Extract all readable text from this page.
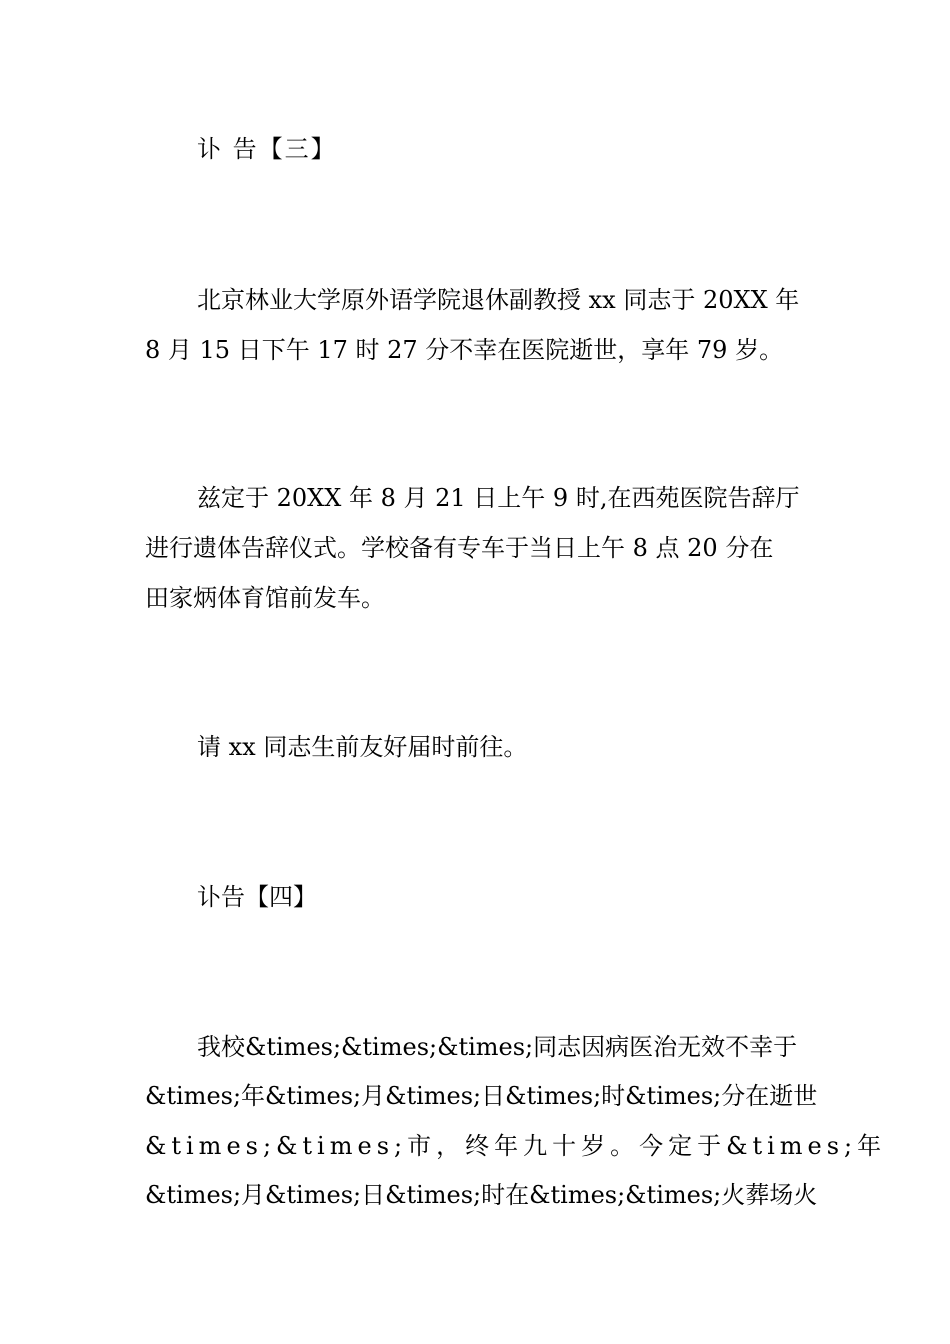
讣 告【三】
北京林业大学原外语学院退休副教授 xx 同志于 20XX 年
8 月 15 日下午 17 时 27 分不幸在医院逝世，享年 79 岁。
兹定于 20XX 年 8 月 21 日上午 9 时,在西苑医院告辞厅
进行遗体告辞仪式。学校备有专车于当日上午 8 点 20 分在
田家炳体育馆前发车。
请 xx 同志生前友好届时前往。
讣告【四】
我校&times;&times;&times;同志因病医治无效不幸于
&times;年&times;月&times;日&times;时&times;分在逝世
&times;&times;市，终年九十岁。今定于&times;年
&times;月&times;日&times;时在&times;&times;火葬场火
